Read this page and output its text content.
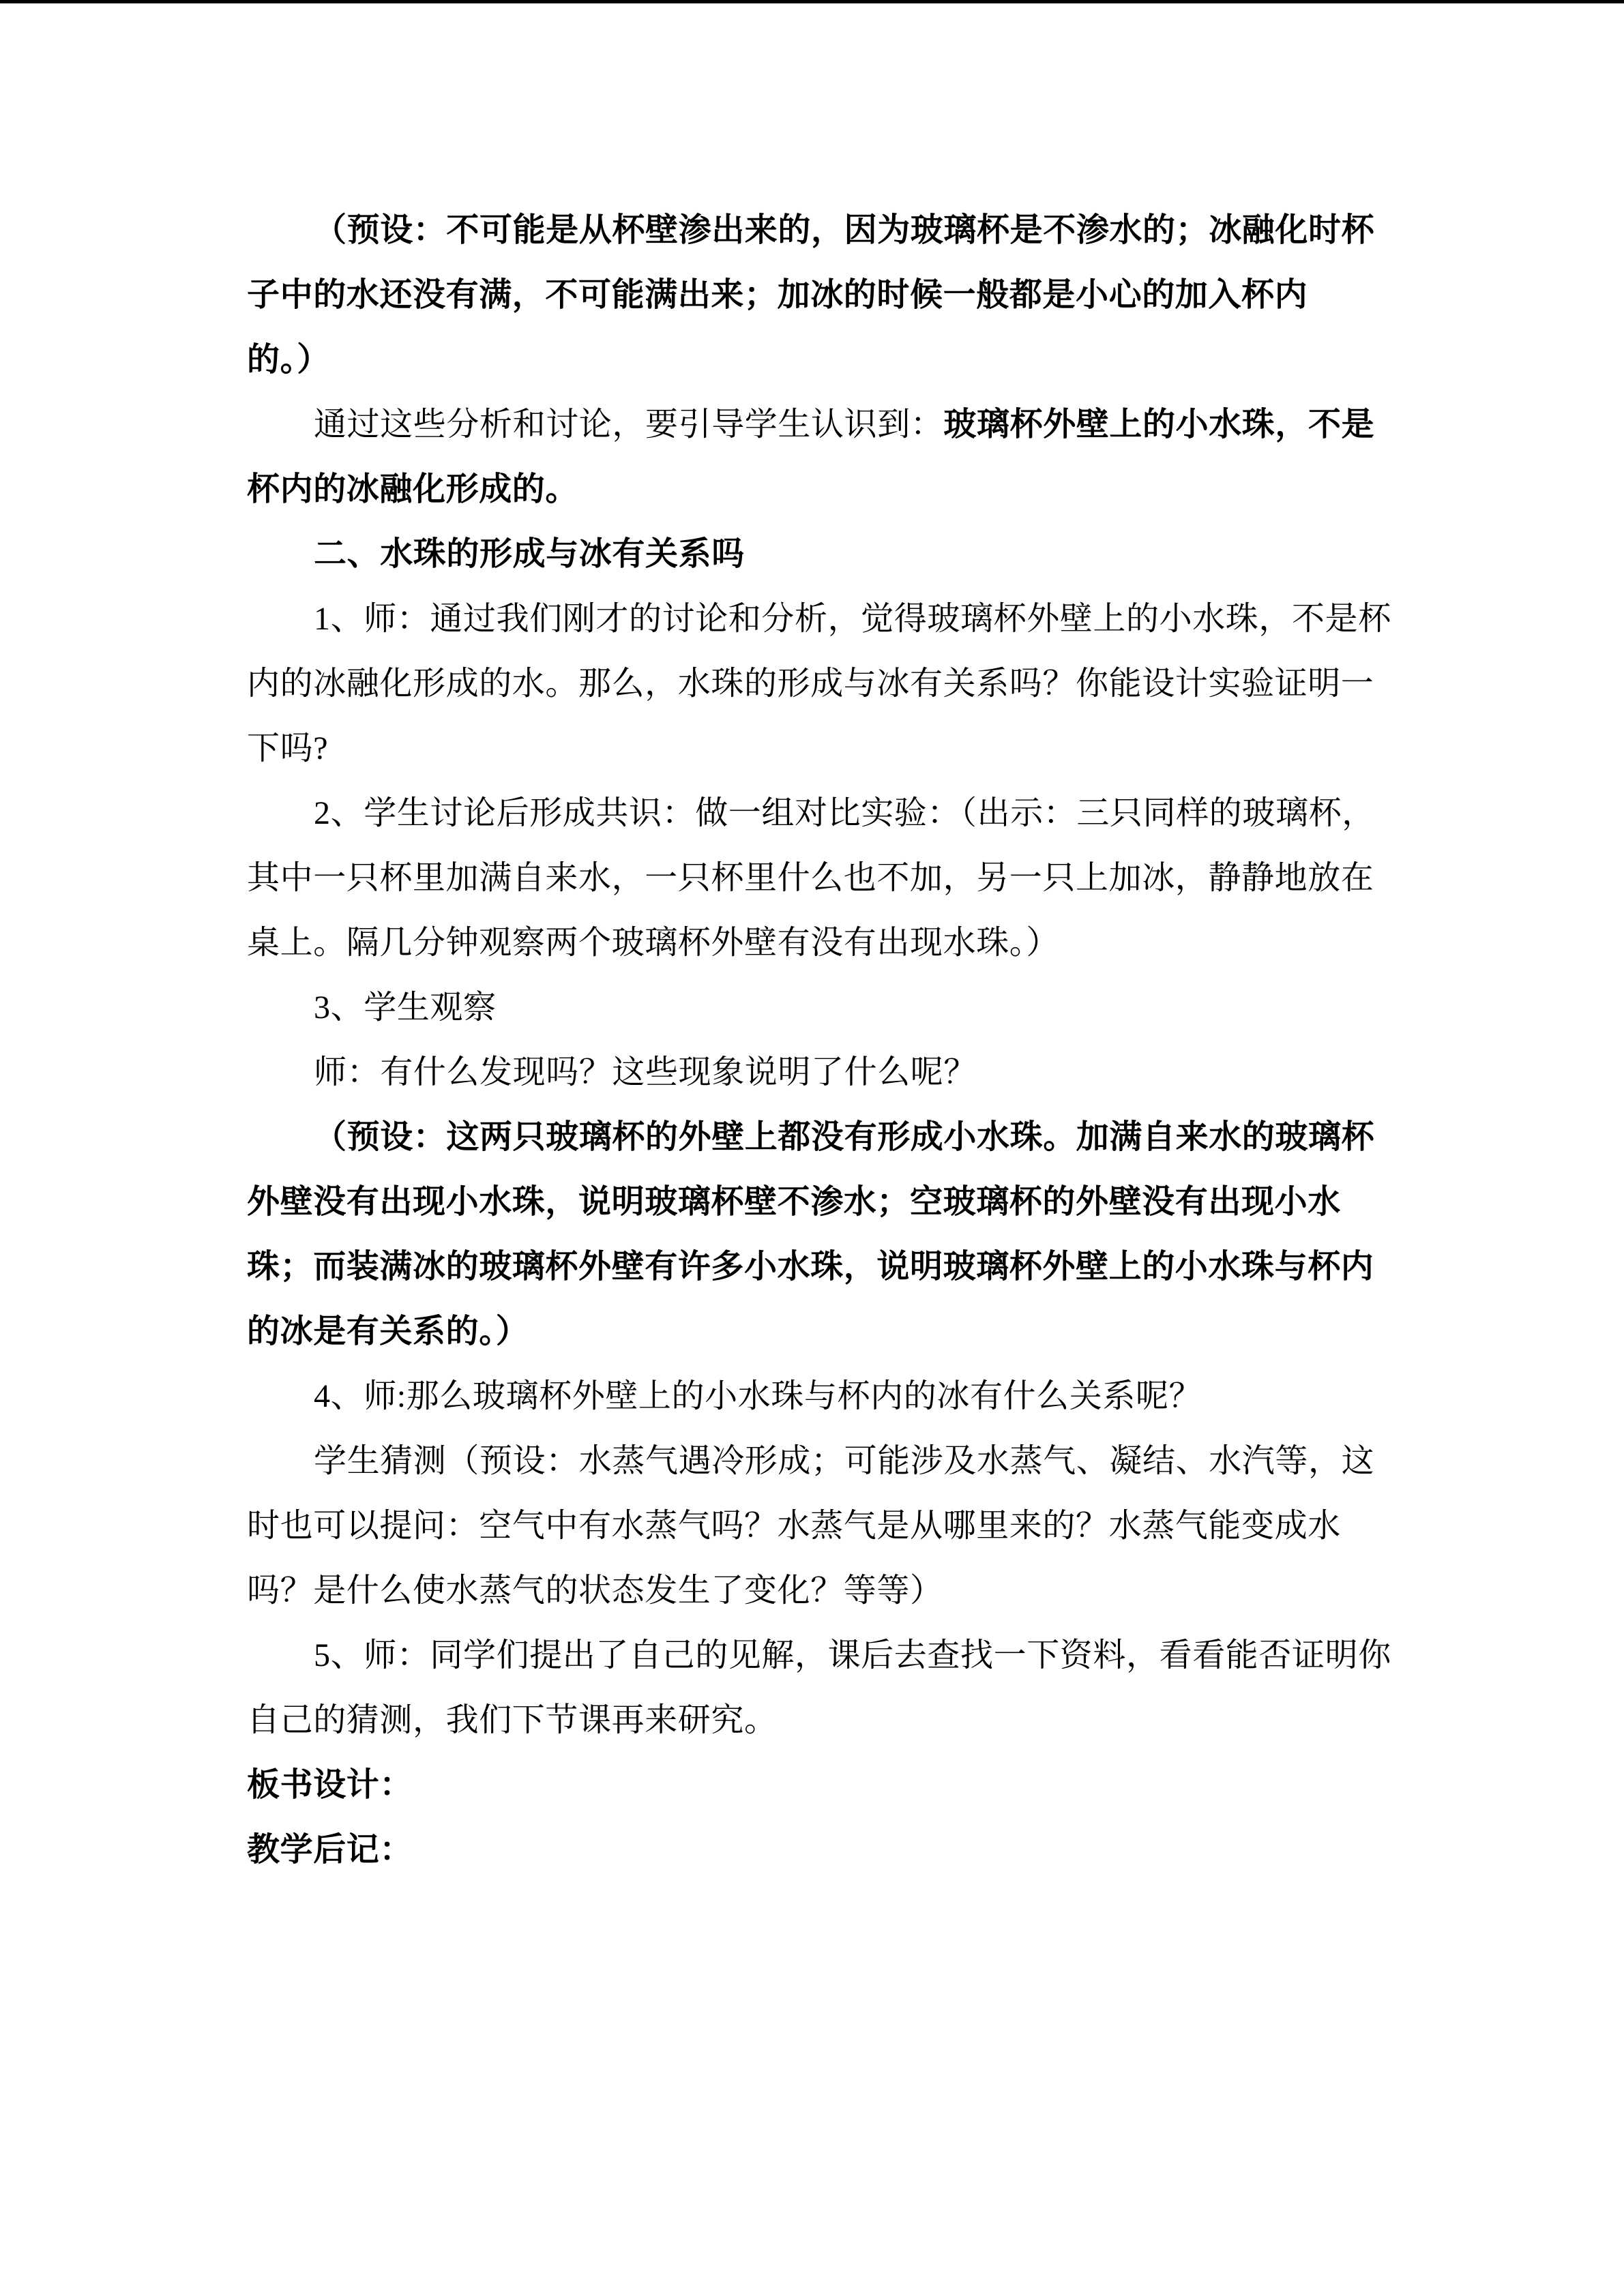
（预设：不可能是从杯壁渗出来的，因为玻璃杯是不渗水的；冰融化时杯
子中的水还没有满，不可能满出来；加冰的时候一般都是小心的加入杯内
的。）
通过这些分析和讨论，要引导学生认识到：玻璃杯外壁上的小水珠，不是
杯内的冰融化形成的。
二、水珠的形成与冰有关系吗
1、师：通过我们刚才的讨论和分析，觉得玻璃杯外壁上的小水珠，不是杯
内的冰融化形成的水。那么，水珠的形成与冰有关系吗？你能设计实验证明一
下吗?
2、学生讨论后形成共识：做一组对比实验：（出示：三只同样的玻璃杯，
其中一只杯里加满自来水，一只杯里什么也不加，另一只上加冰，静静地放在
桌上。隔几分钟观察两个玻璃杯外壁有没有出现水珠。）
3、学生观察
师：有什么发现吗？这些现象说明了什么呢？
（预设：这两只玻璃杯的外壁上都没有形成小水珠。加满自来水的玻璃杯
外壁没有出现小水珠，说明玻璃杯壁不渗水；空玻璃杯的外壁没有出现小水
珠；而装满冰的玻璃杯外壁有许多小水珠，说明玻璃杯外壁上的小水珠与杯内
的冰是有关系的。）
4、师:那么玻璃杯外壁上的小水珠与杯内的冰有什么关系呢？
学生猜测（预设：水蒸气遇冷形成；可能涉及水蒸气、凝结、水汽等，这
时也可以提问：空气中有水蒸气吗？水蒸气是从哪里来的？水蒸气能变成水
吗？是什么使水蒸气的状态发生了变化？等等）
5、师：同学们提出了自己的见解，课后去查找一下资料，看看能否证明你
自己的猜测，我们下节课再来研究。
板书设计：
教学后记：
